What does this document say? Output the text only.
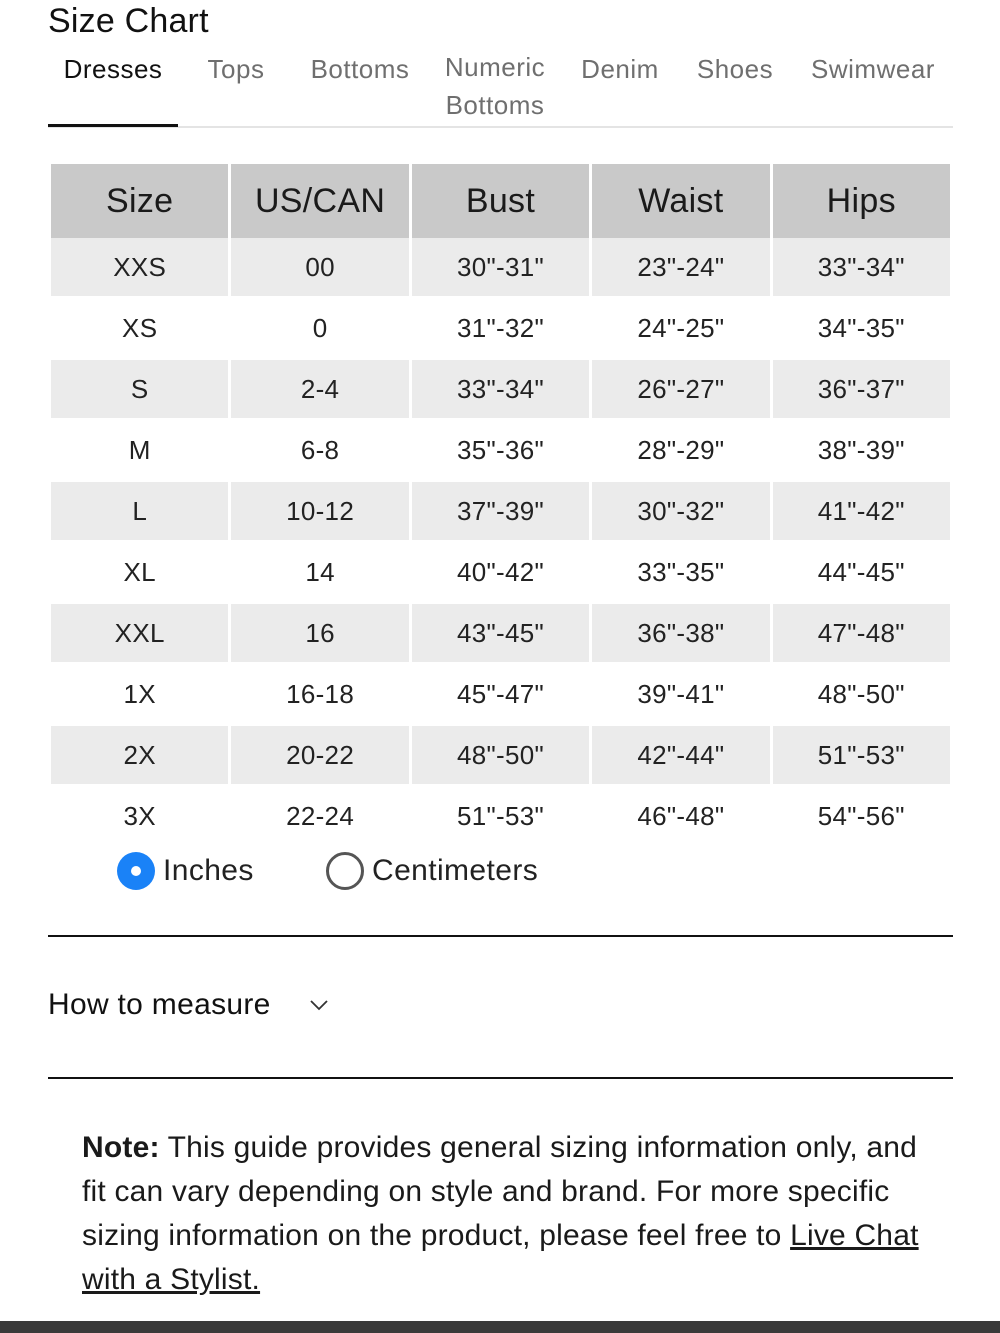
Size Chart
Dresses	Tops	Bottoms Numeric
Bottoms
Denim Shoes Swimwear
Size	US/CAN	Bust	Waist	Hips
XXS	00	30"-31"	23"-24"	33"-34"

XS	0	31"-32"	24"-25"	34"-35"

S	2-4	33"-34"	26"-27"	36"-37"

M	6-8	35"-36"	28"-29"	38"-39"

L	10-12	37"-39"	30"-32"	41"-42"

XL	14	40"-42"	33"-35"	44"-45"

XXL	16	43"-45"	36"-38"	47"-48"

1X	16-18	45"-47"	39"-41"	48"-50"

2X	20-22	48"-50"	42"-44"	51"-53"

3X	22-24	51"-53"	46"-48"	54"-56"
Inches	Centimeters
How to measure
Note: This guide provides general sizing information only, and fit can vary depending on style and brand. For more specific sizing information on the product, please feel free to Live Chat with a Stylist.
